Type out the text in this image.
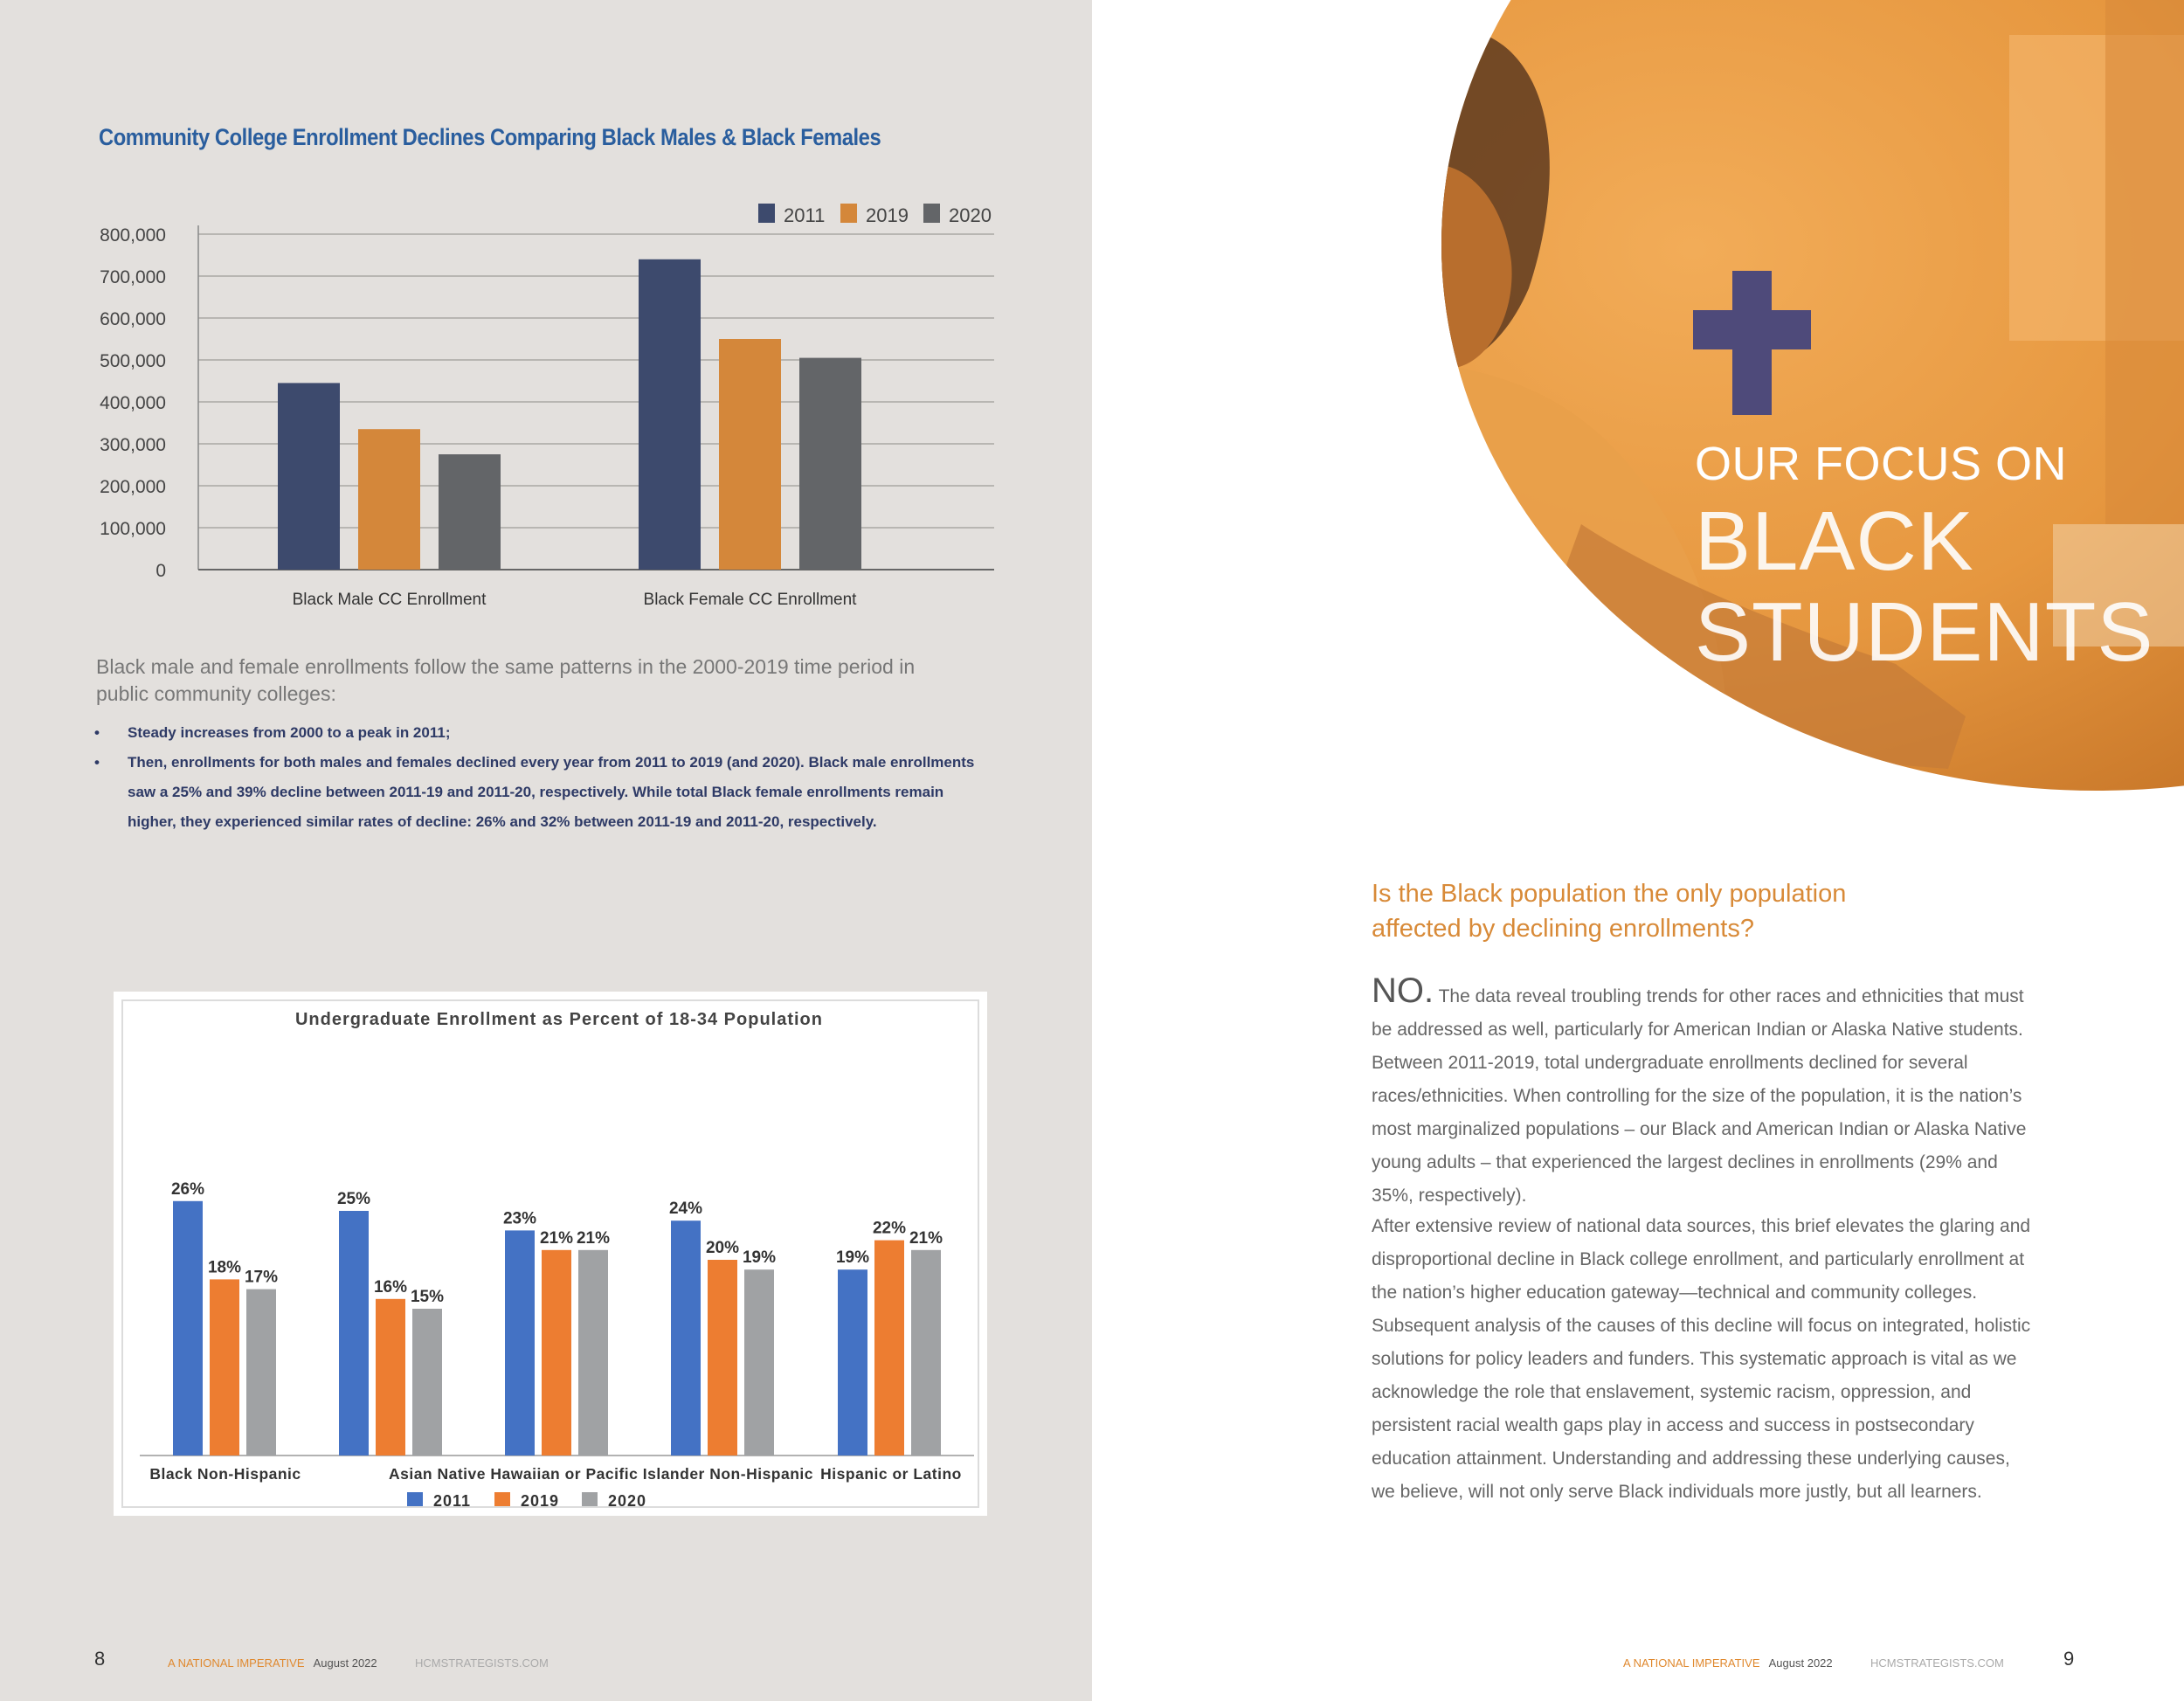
Community College Enrollment Declines Comparing Black Males & Black Females
800,000
700,000
600,000
500,000
400,000
300,000
200,000
100,000
0
Black Male CC Enrollment	Black Female CC Enrollment
2011 2019 2020
Black male and female enrollments follow the same patterns in the 2000-2019 time period in public community colleges:
• Steady increases from 2000 to a peak in 2011;
• Then, enrollments for both males and females declined every year from 2011 to 2019 (and 2020). Black male enrollments saw a 25% and 39% decline between 2011-19 and 2011-20, respectively. While total Black female enrollments remain higher, they experienced similar rates of decline: 26% and 32% between 2011-19 and 2011-20, respectively.
Undergraduate Enrollment as Percent of 18-34 Population
26%
18%
17%
25%
16%
15%
23%
21% 21%
24%
20%
19%	19%
22%
21%
Black Non-Hispanic	Asian Native Hawaiian or Pacific Islander Non-Hispanic Hispanic or Latino
2011	2019	2020
8	A NATIONAL IMPERATIVE August 2022	HCMSTRATEGISTS.COM
OUR FOCUS ON
BLACK
STUDENTS
Is the Black population the only population
affected by declining enrollments?
NO. The data reveal troubling trends for other races and ethnicities that must be addressed as well, particularly for American Indian or Alaska Native students. Between 2011-2019, total undergraduate enrollments declined for several races/ethnicities. When controlling for the size of the population, it is the nation’s most marginalized populations – our Black and American Indian or Alaska Native young adults – that experienced the largest declines in enrollments (29% and 35%, respectively).
After extensive review of national data sources, this brief elevates the glaring and disproportional decline in Black college enrollment, and particularly enrollment at the nation’s higher education gateway—technical and community colleges. Subsequent analysis of the causes of this decline will focus on integrated, holistic solutions for policy leaders and funders. This systematic approach is vital as we acknowledge the role that enslavement, systemic racism, oppression, and persistent racial wealth gaps play in access and success in postsecondary education attainment. Understanding and addressing these underlying causes, we believe, will not only serve Black individuals more justly, but all learners.
A NATIONAL IMPERATIVE August 2022	HCMSTRATEGISTS.COM	9
